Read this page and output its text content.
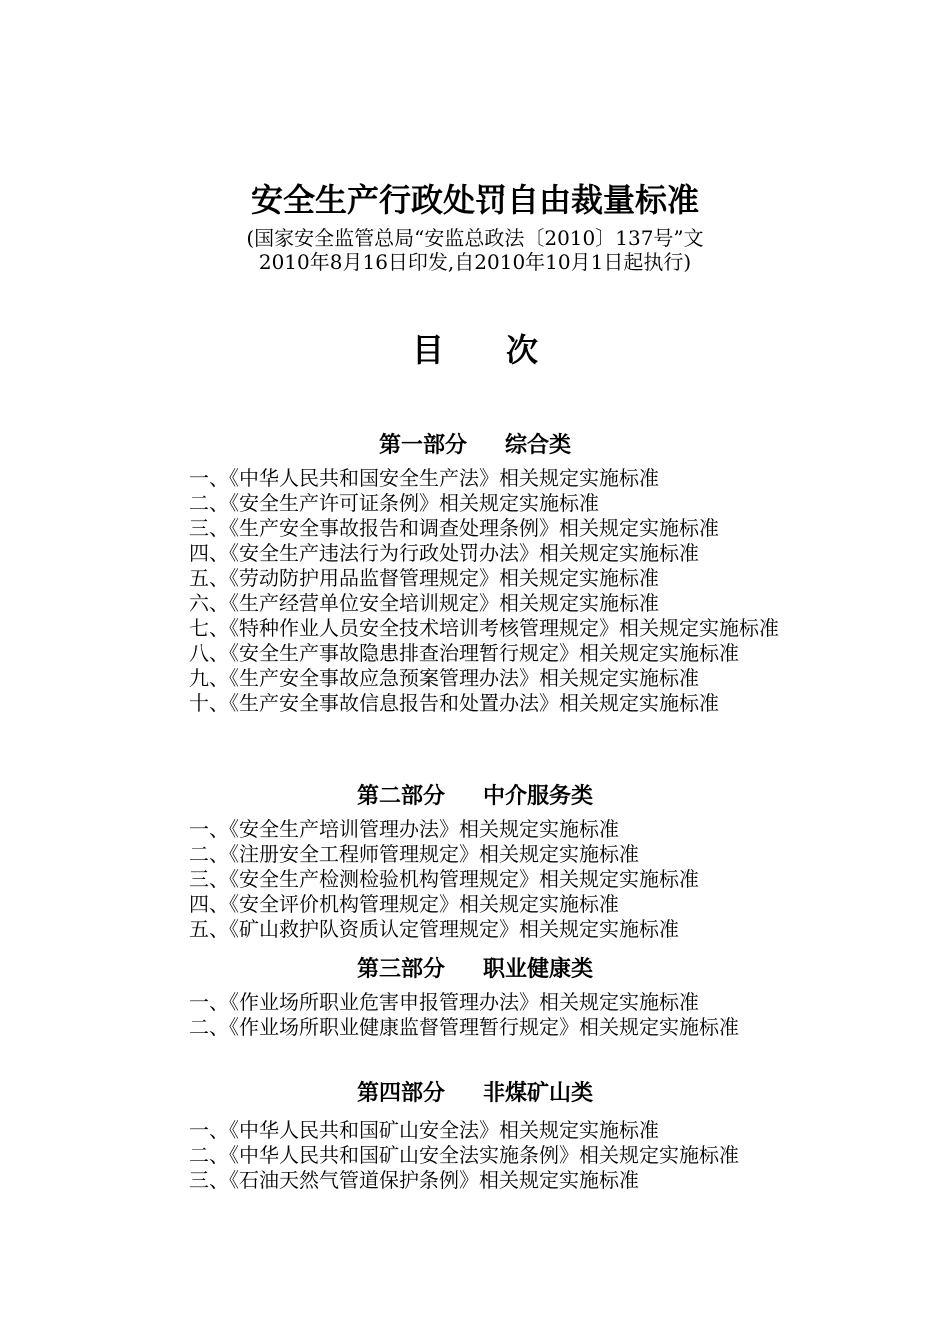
安全生产行政处罚自由裁量标准
(国家安全监管总局“安监总政法〔2010〕137号”文
2010年8月16日印发,自2010年10月1日起执行)
目次
第一部分 综合类
一、《中华人民共和国安全生产法》相关规定实施标准
二、《安全生产许可证条例》相关规定实施标准
三、《生产安全事故报告和调查处理条例》相关规定实施标准
四、《安全生产违法行为行政处罚办法》相关规定实施标准
五、《劳动防护用品监督管理规定》相关规定实施标准
六、《生产经营单位安全培训规定》相关规定实施标准
七、《特种作业人员安全技术培训考核管理规定》相关规定实施标准
八、《安全生产事故隐患排查治理暂行规定》相关规定实施标准
九、《生产安全事故应急预案管理办法》相关规定实施标准
十、《生产安全事故信息报告和处置办法》相关规定实施标准
第二部分 中介服务类
一、《安全生产培训管理办法》相关规定实施标准
二、《注册安全工程师管理规定》相关规定实施标准
三、《安全生产检测检验机构管理规定》相关规定实施标准
四、《安全评价机构管理规定》相关规定实施标准
五、《矿山救护队资质认定管理规定》相关规定实施标准
第三部分 职业健康类
一、《作业场所职业危害申报管理办法》相关规定实施标准
二、《作业场所职业健康监督管理暂行规定》相关规定实施标准
第四部分 非煤矿山类
一、《中华人民共和国矿山安全法》相关规定实施标准
二、《中华人民共和国矿山安全法实施条例》相关规定实施标准
三、《石油天然气管道保护条例》相关规定实施标准
